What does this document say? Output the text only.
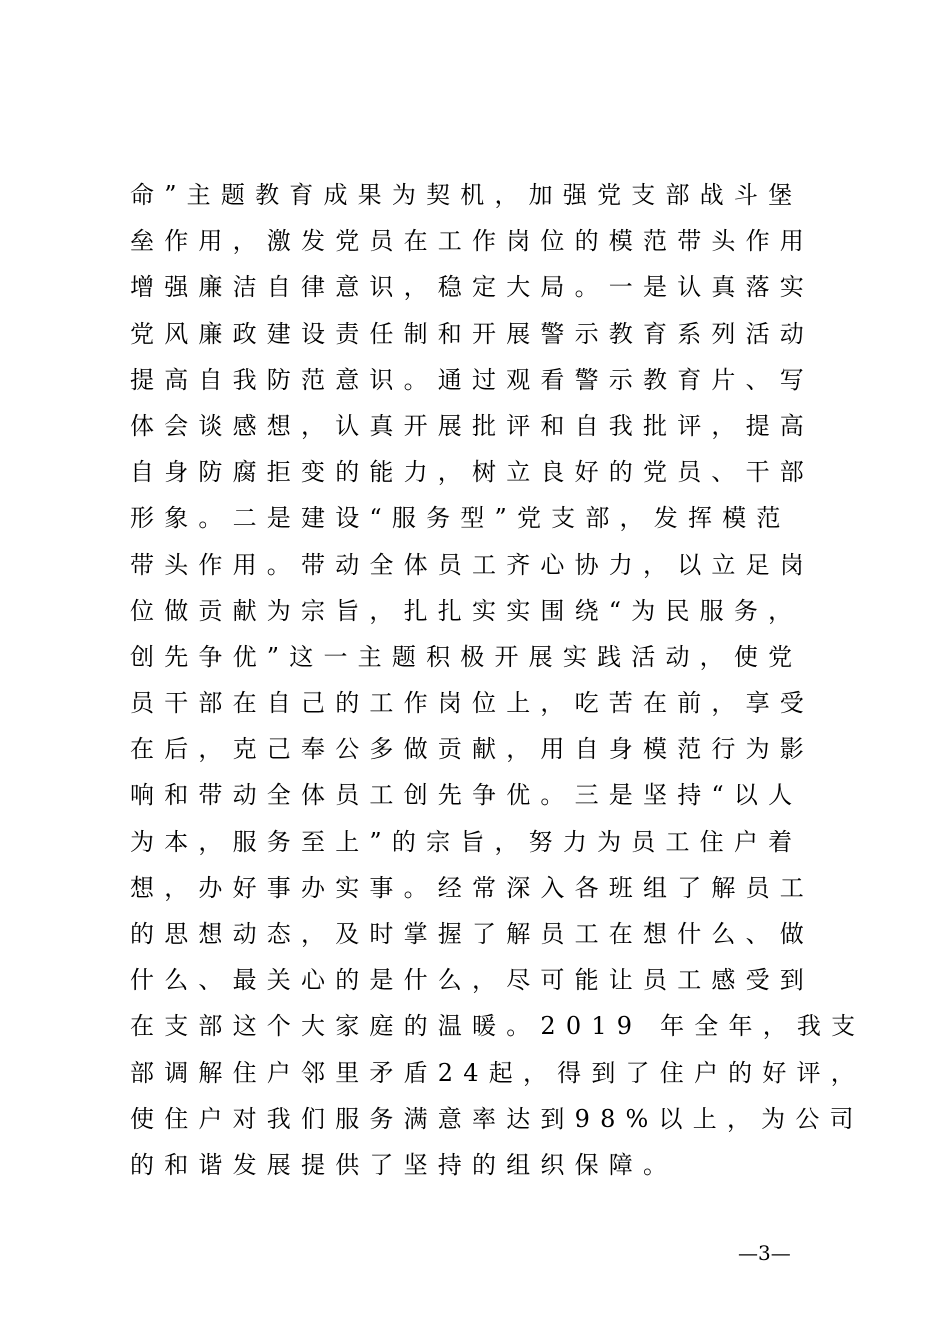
命”主题教育成果为契机，加强党支部战斗堡
垒作用，激发党员在工作岗位的模范带头作用
增强廉洁自律意识，稳定大局。一是认真落实
党风廉政建设责任制和开展警示教育系列活动
提高自我防范意识。通过观看警示教育片、写
体会谈感想，认真开展批评和自我批评，提高
自身防腐拒变的能力，树立良好的党员、干部
形象。二是建设“服务型”党支部，发挥模范
带头作用。带动全体员工齐心协力，以立足岗
位做贡献为宗旨，扎扎实实围绕“为民服务，
创先争优”这一主题积极开展实践活动，使党
员干部在自己的工作岗位上，吃苦在前，享受
在后，克己奉公多做贡献，用自身模范行为影
响和带动全体员工创先争优。三是坚持“以人
为本，服务至上”的宗旨，努力为员工住户着
想，办好事办实事。经常深入各班组了解员工
的思想动态，及时掌握了解员工在想什么、做
什么、最关心的是什么，尽可能让员工感受到
在支部这个大家庭的温暖。2019 年全年，我支
部调解住户邻里矛盾24起，得到了住户的好评，
使住户对我们服务满意率达到98%以上，为公司
的和谐发展提供了坚持的组织保障。
—3—
